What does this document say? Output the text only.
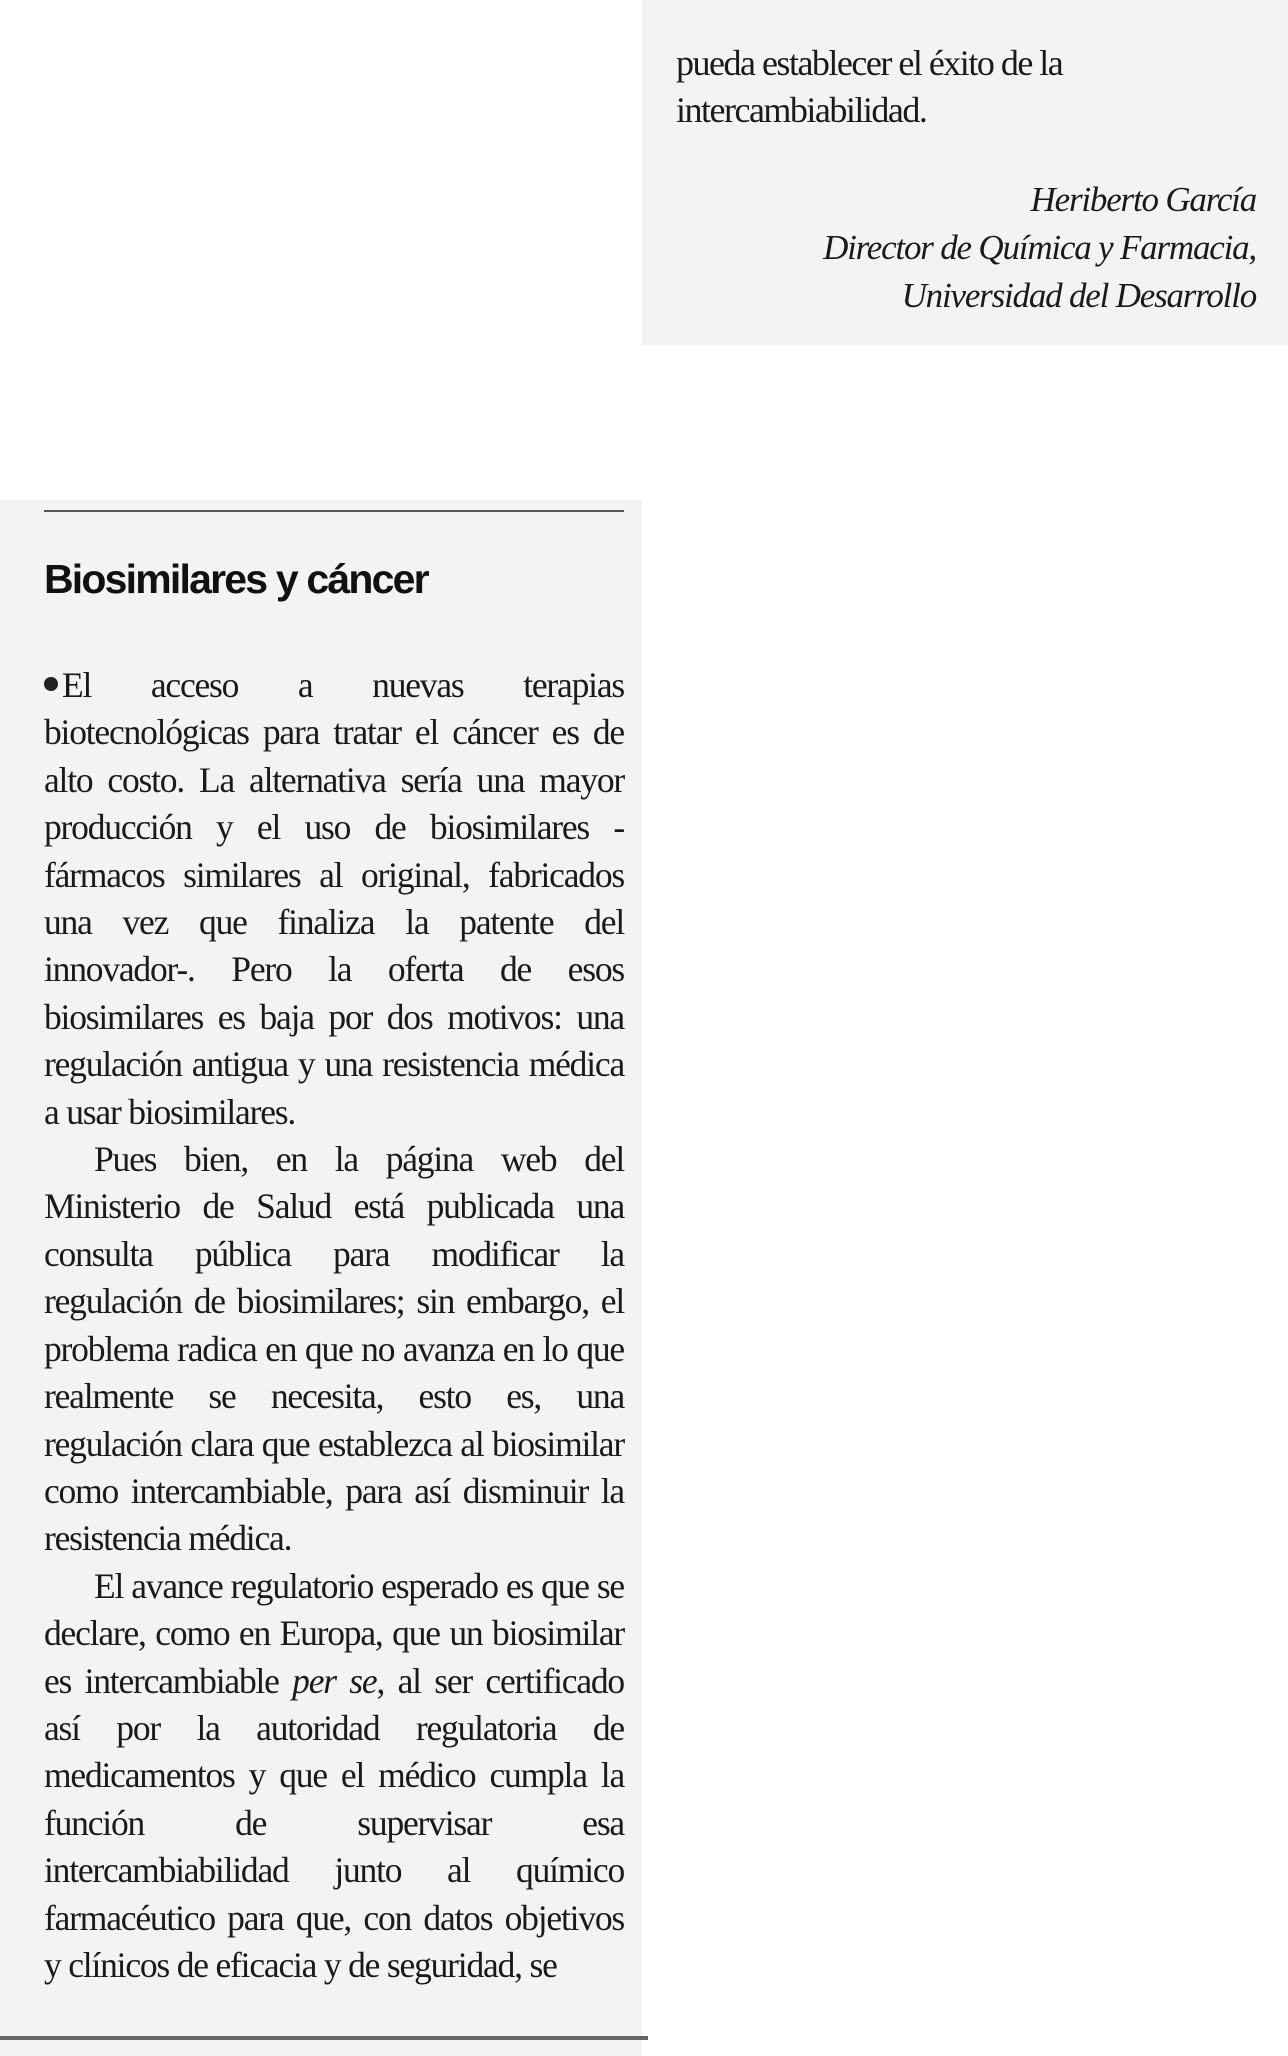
pueda establecer el éxito de la intercambiabilidad.

Heriberto García
Director de Química y Farmacia,
Universidad del Desarrollo
Biosimilares y cáncer

El acceso a nuevas terapias biotecnológicas para tratar el cáncer es de alto costo. La alternativa sería una mayor producción y el uso de biosimilares -fármacos similares al original, fabricados una vez que finaliza la patente del innovador-. Pero la oferta de esos biosimilares es baja por dos motivos: una regulación antigua y una resistencia médica a usar biosimilares.

Pues bien, en la página web del Ministerio de Salud está publicada una consulta pública para modificar la regulación de biosimilares; sin embargo, el problema radica en que no avanza en lo que realmente se necesita, esto es, una regulación clara que establezca al biosimilar como intercambiable, para así disminuir la resistencia médica.

El avance regulatorio esperado es que se declare, como en Europa, que un biosimilar es intercambiable per se, al ser certificado así por la autoridad regulatoria de medicamentos y que el médico cumpla la función de supervisar esa intercambiabilidad junto al químico farmacéutico para que, con datos objetivos y clínicos de eficacia y de seguridad, se
